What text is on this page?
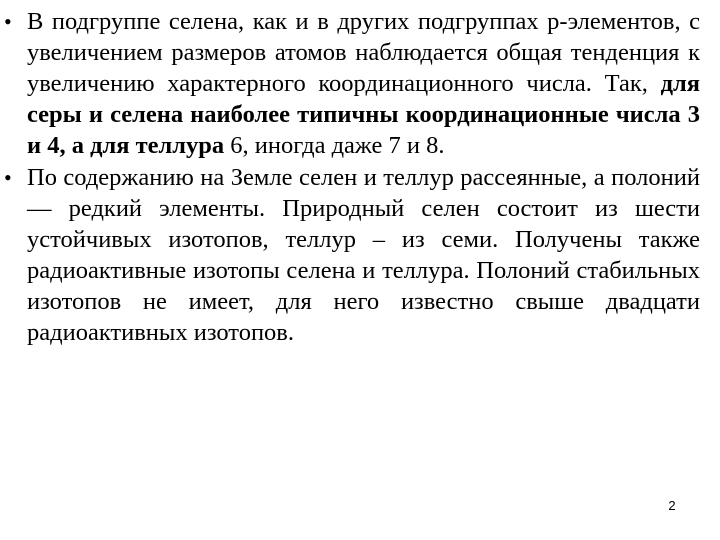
• В подгруппе селена, как и в других подгруппах p-элементов, с увеличением размеров атомов наблюдается общая тенденция к увеличению характерного координационного числа. Так, для серы и селена наиболее типичны координационные числа 3 и 4, а для теллура 6, иногда даже 7 и 8.
• По содержанию на Земле селен и теллур рассеянные, а полоний — редкий элементы. Природный селен состоит из шести устойчивых изотопов, теллур – из семи. Получены также радиоактивные изотопы селена и теллура. Полоний стабильных изотопов не имеет, для него известно свыше двадцати радиоактивных изотопов.
2
